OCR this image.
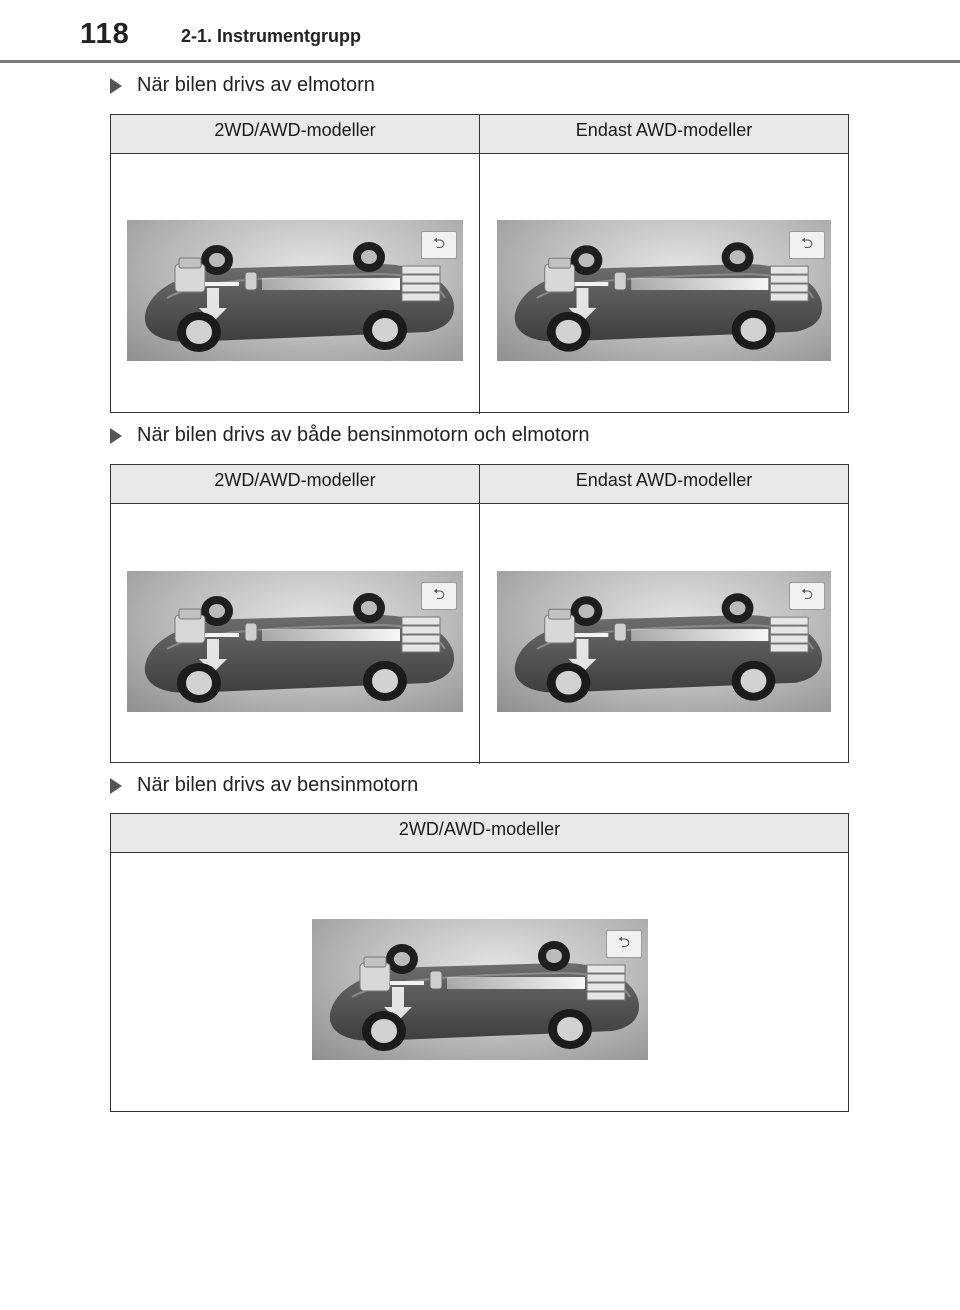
118	2-1. Instrumentgrupp
När bilen drivs av elmotorn
2WD/AWD-modeller	Endast AWD-modeller
⮌	⮌
När bilen drivs av både bensinmotorn och elmotorn
2WD/AWD-modeller	Endast AWD-modeller
⮌	⮌
När bilen drivs av bensinmotorn
2WD/AWD-modeller
⮌
